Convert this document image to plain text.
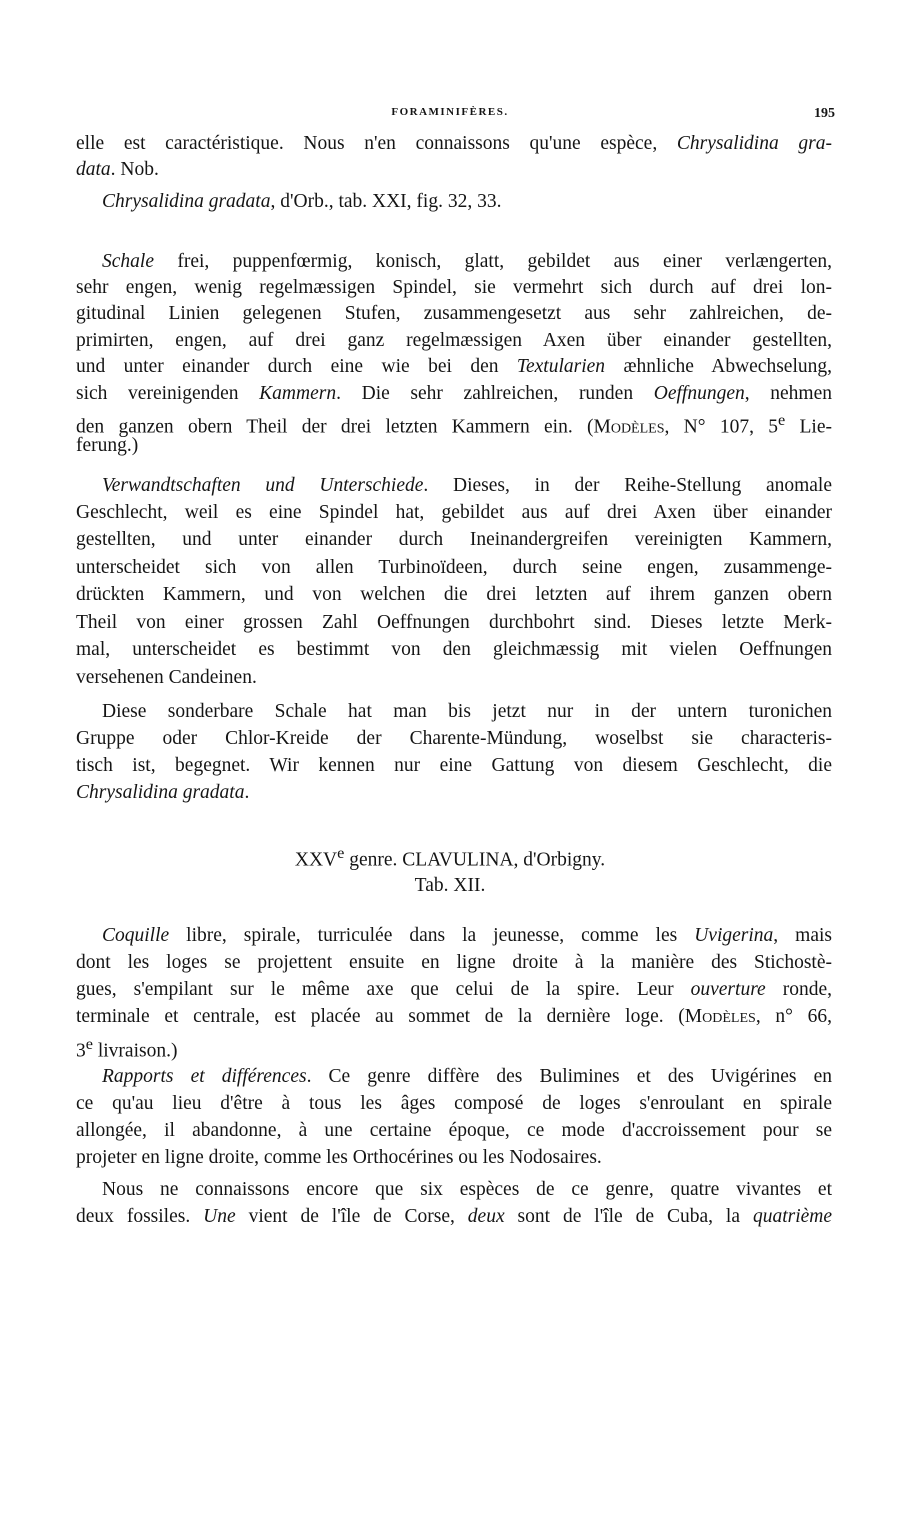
FORAMINIFÈRES.	195
elle est caractéristique. Nous n'en connaissons qu'une espèce, Chrysalidina gra-
data. Nob.
Chrysalidina gradata, d'Orb., tab. XXI, fig. 32, 33.
Schale frei, puppenfœrmig, konisch, glatt, gebildet aus einer verlængerten,
sehr engen, wenig regelmæssigen Spindel, sie vermehrt sich durch auf drei lon-
gitudinal Linien gelegenen Stufen, zusammengesetzt aus sehr zahlreichen, de-
primirten, engen, auf drei ganz regelmæssigen Axen über einander gestellten,
und unter einander durch eine wie bei den Textularien æhnliche Abwechselung,
sich vereinigenden Kammern. Die sehr zahlreichen, runden Oeffnungen, nehmen
den ganzen obern Theil der drei letzten Kammern ein. (Modèles, N° 107, 5e Lie-
ferung.)
Verwandtschaften und Unterschiede. Dieses, in der Reihe-Stellung anomale
Geschlecht, weil es eine Spindel hat, gebildet aus auf drei Axen über einander
gestellten, und unter einander durch Ineinandergreifen vereinigten Kammern,
unterscheidet sich von allen Turbinoïdeen, durch seine engen, zusammenge-
drückten Kammern, und von welchen die drei letzten auf ihrem ganzen obern
Theil von einer grossen Zahl Oeffnungen durchbohrt sind. Dieses letzte Merk-
mal, unterscheidet es bestimmt von den gleichmæssig mit vielen Oeffnungen
versehenen Candeinen.
Diese sonderbare Schale hat man bis jetzt nur in der untern turonichen
Gruppe oder Chlor-Kreide der Charente-Mündung, woselbst sie characteris-
tisch ist, begegnet. Wir kennen nur eine Gattung von diesem Geschlecht, die
Chrysalidina gradata.
XXVe genre. CLAVULINA, d'Orbigny.
Tab. XII.
Coquille libre, spirale, turriculée dans la jeunesse, comme les Uvigerina, mais
dont les loges se projettent ensuite en ligne droite à la manière des Stichostè-
gues, s'empilant sur le même axe que celui de la spire. Leur ouverture ronde,
terminale et centrale, est placée au sommet de la dernière loge. (Modèles, n° 66,
3e livraison.)
Rapports et différences. Ce genre diffère des Bulimines et des Uvigérines en
ce qu'au lieu d'être à tous les âges composé de loges s'enroulant en spirale
allongée, il abandonne, à une certaine époque, ce mode d'accroissement pour se
projeter en ligne droite, comme les Orthocérines ou les Nodosaires.
Nous ne connaissons encore que six espèces de ce genre, quatre vivantes et
deux fossiles. Une vient de l'île de Corse, deux sont de l'île de Cuba, la quatrième
